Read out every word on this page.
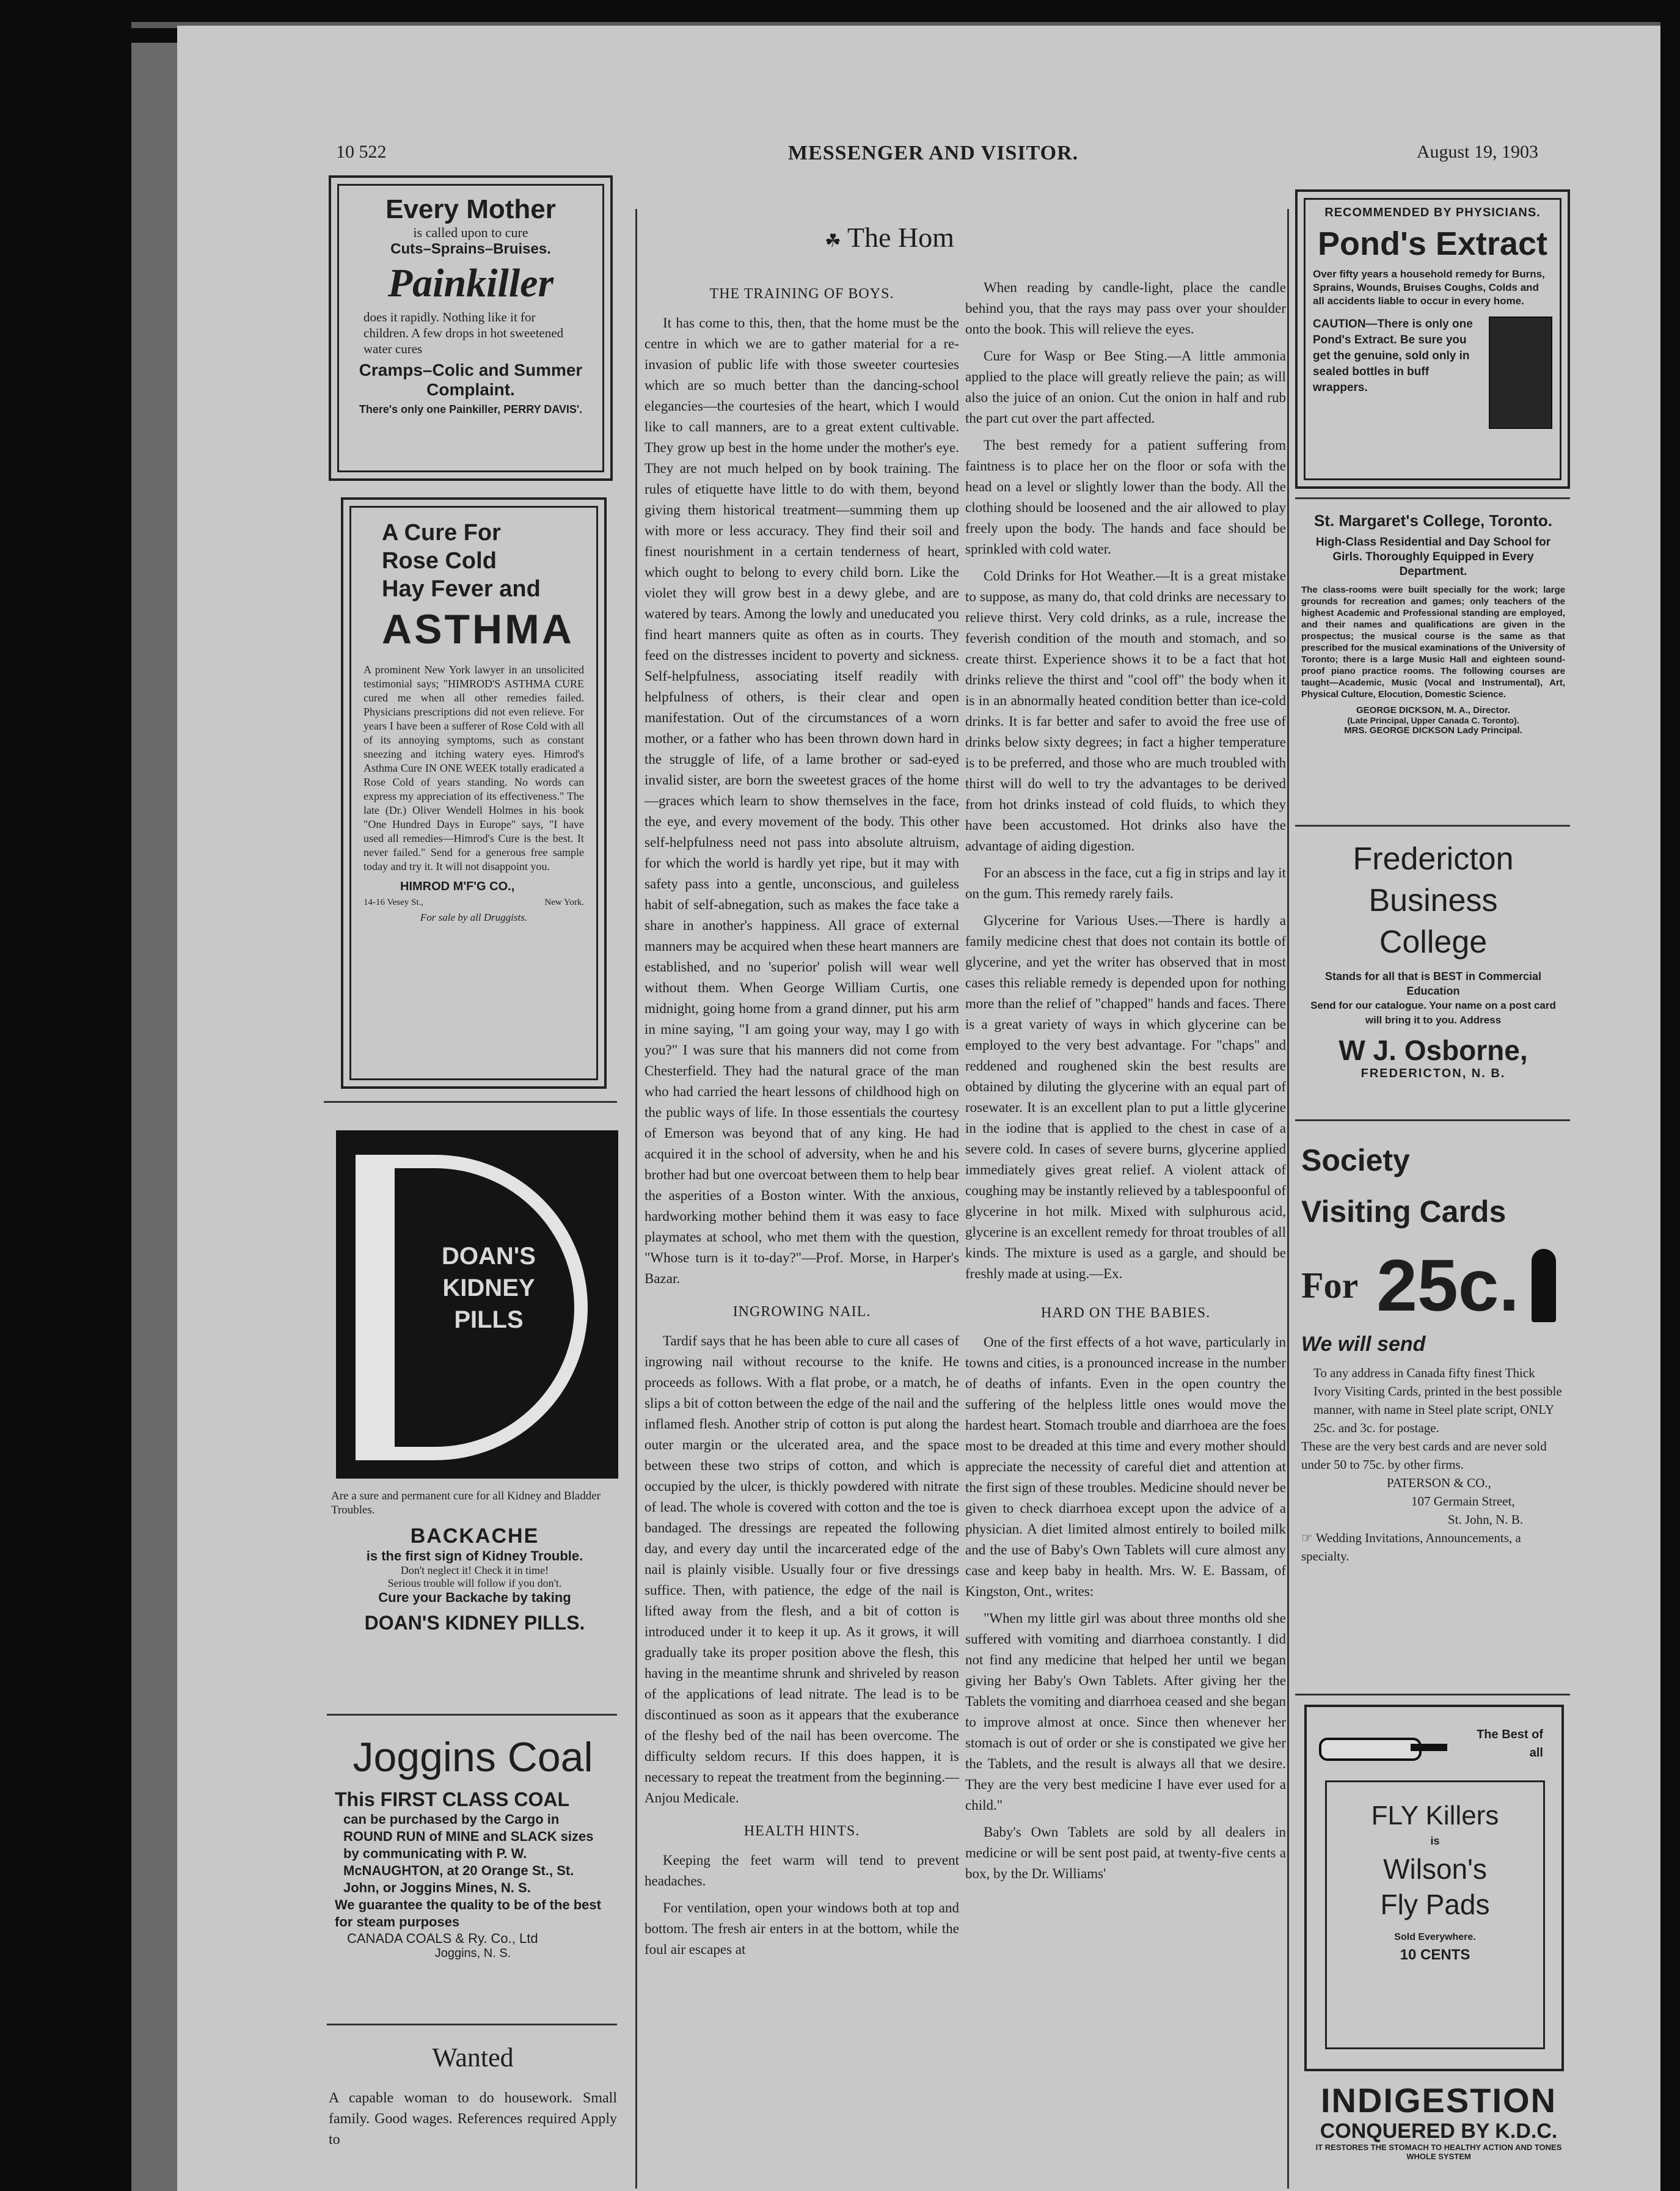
10 522	MESSENGER AND VISITOR.	August 19, 1903
Every Mother
is called upon to cure
Cuts–Sprains–Bruises.
Painkiller
does it rapidly. Nothing like it for children. A few drops in hot sweetened water cures
Cramps–Colic and Summer Complaint.
There's only one Painkiller, PERRY DAVIS'.
A Cure For
Rose Cold
Hay Fever and
ASTHMA
A prominent New York lawyer in an unsolicited testimonial says; "HIMROD'S ASTHMA CURE cured me when all other remedies failed. Physicians prescriptions did not even relieve. For years I have been a sufferer of Rose Cold with all of its annoying symptoms, such as constant sneezing and itching watery eyes. Himrod's Asthma Cure IN ONE WEEK totally eradicated a Rose Cold of years standing. No words can express my appreciation of its effectiveness." The late (Dr.) Oliver Wendell Holmes in his book "One Hundred Days in Europe" says, "I have used all remedies—Himrod's Cure is the best. It never failed." Send for a generous free sample today and try it. It will not disappoint you.
HIMROD M'F'G CO.,
14-16 Vesey St.,	New York.
For sale by all Druggists.
DOAN'S
KIDNEY
PILLS
Are a sure and permanent cure for all Kidney and Bladder Troubles.
BACKACHE
is the first sign of Kidney Trouble.
Don't neglect it! Check it in time!
Serious trouble will follow if you don't.
Cure your Backache by taking
DOAN'S KIDNEY PILLS.
Joggins Coal
This FIRST CLASS COAL
can be purchased by the Cargo in ROUND RUN of MINE and SLACK sizes by communicating with P. W. McNAUGHTON, at 20 Orange St., St. John, or Joggins Mines, N. S.
We guarantee the quality to be of the best for steam purposes
CANADA COALS & Ry. Co., Ltd
Joggins, N. S.
Wanted
A capable woman to do housework. Small family. Good wages. References required Apply to
☘ The Hom
THE TRAINING OF BOYS.

It has come to this, then, that the home must be the centre in which we are to gather material for a re-invasion of public life with those sweeter courtesies which are so much better than the dancing-school elegancies—the courtesies of the heart, which I would like to call manners, are to a great extent cultivable. They grow up best in the home under the mother's eye. They are not much helped on by book training. The rules of etiquette have little to do with them, beyond giving them historical treatment—summing them up with more or less accuracy. They find their soil and finest nourishment in a certain tenderness of heart, which ought to belong to every child born. Like the violet they will grow best in a dewy glebe, and are watered by tears. Among the lowly and uneducated you find heart manners quite as often as in courts. They feed on the distresses incident to poverty and sickness. Self-helpfulness, associating itself readily with helpfulness of others, is their clear and open manifestation. Out of the circumstances of a worn mother, or a father who has been thrown down hard in the struggle of life, of a lame brother or sad-eyed invalid sister, are born the sweetest graces of the home—graces which learn to show themselves in the face, the eye, and every movement of the body. This other self-helpfulness need not pass into absolute altruism, for which the world is hardly yet ripe, but it may with safety pass into a gentle, unconscious, and guileless habit of self-abnegation, such as makes the face take a share in another's happiness. All grace of external manners may be acquired when these heart manners are established, and no 'superior' polish will wear well without them. When George William Curtis, one midnight, going home from a grand dinner, put his arm in mine saying, "I am going your way, may I go with you?" I was sure that his manners did not come from Chesterfield. They had the natural grace of the man who had carried the heart lessons of childhood high on the public ways of life. In those essentials the courtesy of Emerson was beyond that of any king. He had acquired it in the school of adversity, when he and his brother had but one overcoat between them to help bear the asperities of a Boston winter. With the anxious, hardworking mother behind them it was easy to face playmates at school, who met them with the question, "Whose turn is it to-day?"—Prof. Morse, in Harper's Bazar.

INGROWING NAIL.

Tardif says that he has been able to cure all cases of ingrowing nail without recourse to the knife. He proceeds as follows. With a flat probe, or a match, he slips a bit of cotton between the edge of the nail and the inflamed flesh. Another strip of cotton is put along the outer margin or the ulcerated area, and the space between these two strips of cotton, and which is occupied by the ulcer, is thickly powdered with nitrate of lead. The whole is covered with cotton and the toe is bandaged. The dressings are repeated the following day, and every day until the incarcerated edge of the nail is plainly visible. Usually four or five dressings suffice. Then, with patience, the edge of the nail is lifted away from the flesh, and a bit of cotton is introduced under it to keep it up. As it grows, it will gradually take its proper position above the flesh, this having in the meantime shrunk and shriveled by reason of the applications of lead nitrate. The lead is to be discontinued as soon as it appears that the exuberance of the fleshy bed of the nail has been overcome. The difficulty seldom recurs. If this does happen, it is necessary to repeat the treatment from the beginning.—Anjou Medicale.

HEALTH HINTS.

Keeping the feet warm will tend to prevent headaches.

For ventilation, open your windows both at top and bottom. The fresh air enters in at the bottom, while the foul air escapes at

When reading by candle-light, place the candle behind you, that the rays may pass over your shoulder onto the book. This will relieve the eyes.

Cure for Wasp or Bee Sting.—A little ammonia applied to the place will greatly relieve the pain; as will also the juice of an onion. Cut the onion in half and rub the part cut over the part affected.

The best remedy for a patient suffering from faintness is to place her on the floor or sofa with the head on a level or slightly lower than the body. All the clothing should be loosened and the air allowed to play freely upon the body. The hands and face should be sprinkled with cold water.

Cold Drinks for Hot Weather.—It is a great mistake to suppose, as many do, that cold drinks are necessary to relieve thirst. Very cold drinks, as a rule, increase the feverish condition of the mouth and stomach, and so create thirst. Experience shows it to be a fact that hot drinks relieve the thirst and "cool off" the body when it is in an abnormally heated condition better than ice-cold drinks. It is far better and safer to avoid the free use of drinks below sixty degrees; in fact a higher temperature is to be preferred, and those who are much troubled with thirst will do well to try the advantages to be derived from hot drinks instead of cold fluids, to which they have been accustomed. Hot drinks also have the advantage of aiding digestion.

For an abscess in the face, cut a fig in strips and lay it on the gum. This remedy rarely fails.

Glycerine for Various Uses.—There is hardly a family medicine chest that does not contain its bottle of glycerine, and yet the writer has observed that in most cases this reliable remedy is depended upon for nothing more than the relief of "chapped" hands and faces. There is a great variety of ways in which glycerine can be employed to the very best advantage. For "chaps" and reddened and roughened skin the best results are obtained by diluting the glycerine with an equal part of rosewater. It is an excellent plan to put a little glycerine in the iodine that is applied to the chest in case of a severe cold. In cases of severe burns, glycerine applied immediately gives great relief. A violent attack of coughing may be instantly relieved by a tablespoonful of glycerine in hot milk. Mixed with sulphurous acid, glycerine is an excellent remedy for throat troubles of all kinds. The mixture is used as a gargle, and should be freshly made at using.—Ex.

HARD ON THE BABIES.

One of the first effects of a hot wave, particularly in towns and cities, is a pronounced increase in the number of deaths of infants. Even in the open country the suffering of the helpless little ones would move the hardest heart. Stomach trouble and diarrhoea are the foes most to be dreaded at this time and every mother should appreciate the necessity of careful diet and attention at the first sign of these troubles. Medicine should never be given to check diarrhoea except upon the advice of a physician. A diet limited almost entirely to boiled milk and the use of Baby's Own Tablets will cure almost any case and keep baby in health. Mrs. W. E. Bassam, of Kingston, Ont., writes:

"When my little girl was about three months old she suffered with vomiting and diarrhoea constantly. I did not find any medicine that helped her until we began giving her Baby's Own Tablets. After giving her the Tablets the vomiting and diarrhoea ceased and she began to improve almost at once. Since then whenever her stomach is out of order or she is constipated we give her the Tablets, and the result is always all that we desire. They are the very best medicine I have ever used for a child."

Baby's Own Tablets are sold by all dealers in medicine or will be sent post paid, at twenty-five cents a box, by the Dr. Williams'

RECOMMENDED BY PHYSICIANS.
Pond's Extract
Over fifty years a household remedy for Burns, Sprains, Wounds, Bruises Coughs, Colds and all accidents liable to occur in every home.
CAUTION—There is only one Pond's Extract. Be sure you get the genuine, sold only in sealed bottles in buff wrappers.
St. Margaret's College, Toronto.
High-Class Residential and Day School for Girls. Thoroughly Equipped in Every Department.
The class-rooms were built specially for the work; large grounds for recreation and games; only teachers of the highest Academic and Professional standing are employed, and their names and qualifications are given in the prospectus; the musical course is the same as that prescribed for the musical examinations of the University of Toronto; there is a large Music Hall and eighteen sound-proof piano practice rooms. The following courses are taught—Academic, Music (Vocal and Instrumental), Art, Physical Culture, Elocution, Domestic Science.
GEORGE DICKSON, M. A., Director.
(Late Principal, Upper Canada C. Toronto).
MRS. GEORGE DICKSON Lady Principal.
Fredericton
Business
College
Stands for all that is BEST in Commercial Education
Send for our catalogue. Your name on a post card will bring it to you. Address
W J. Osborne,
FREDERICTON, N. B.
Society
Visiting Cards
For 25c.
We will send
To any address in Canada fifty finest Thick Ivory Visiting Cards, printed in the best possible manner, with name in Steel plate script, ONLY 25c. and 3c. for postage.
These are the very best cards and are never sold under 50 to 75c. by other firms.
PATERSON & CO.,
107 Germain Street,
St. John, N. B.
☞ Wedding Invitations, Announcements, a specialty.
The Best of all
FLY Killers
is
Wilson's
Fly Pads
Sold Everywhere.
10 CENTS
INDIGESTION
CONQUERED BY K.D.C.
IT RESTORES THE STOMACH TO HEALTHY ACTION AND TONES WHOLE SYSTEM
